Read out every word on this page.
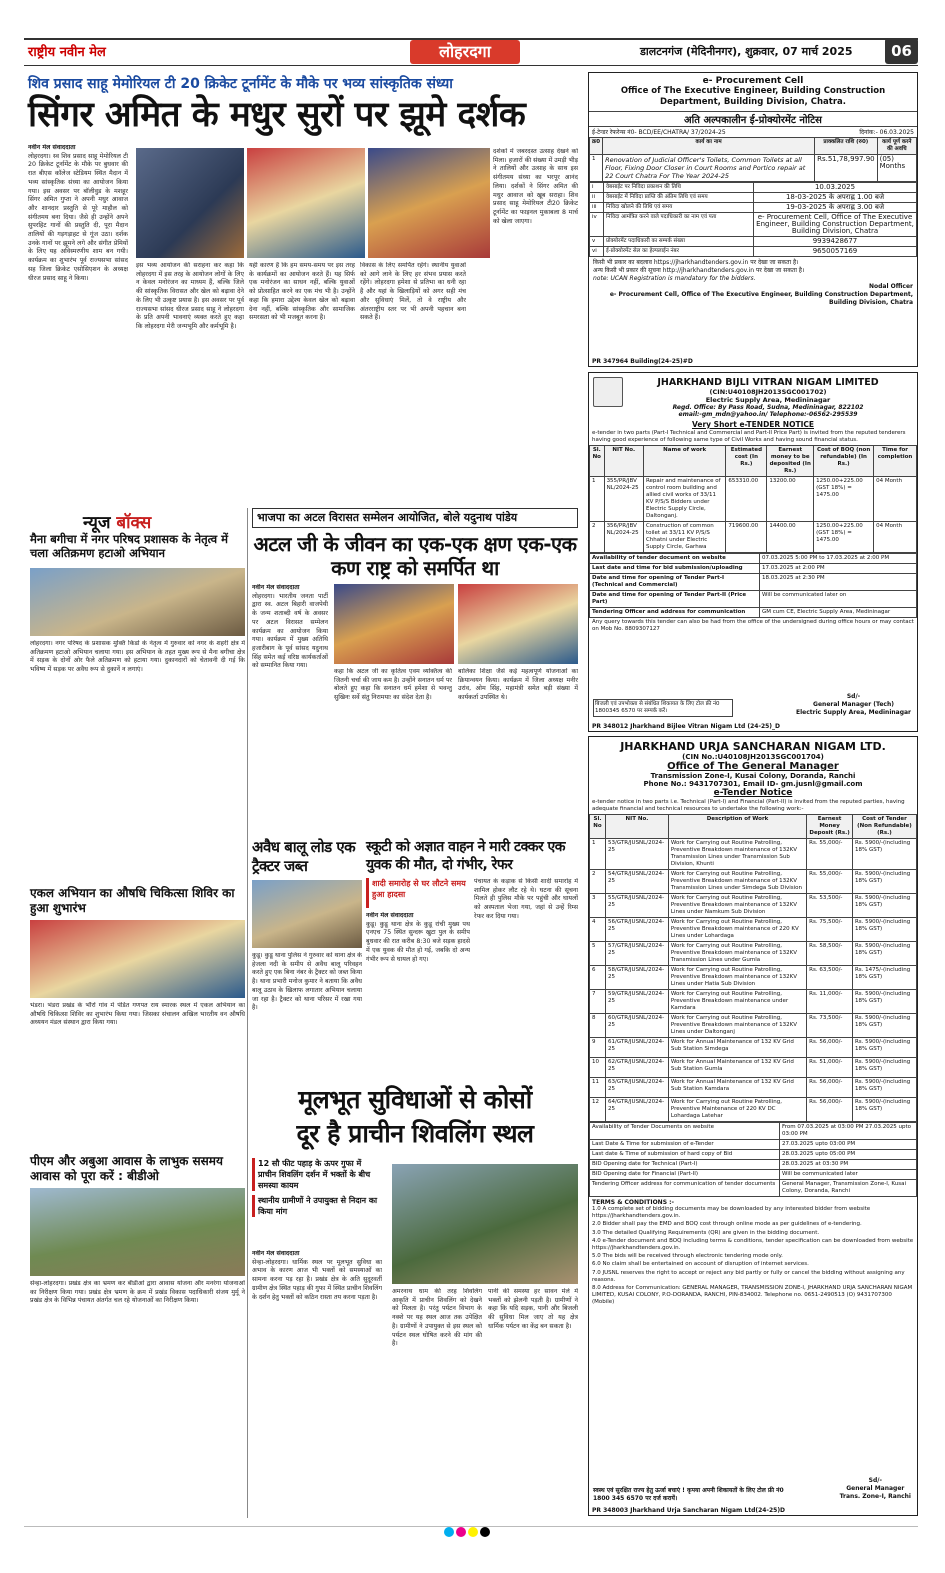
राष्ट्रीय नवीन मेल	लोहरदगा	डालटनगंज (मेदिनीनगर), शुक्रवार, 07 मार्च 2025	06
शिव प्रसाद साहू मेमोरियल टी 20 क्रिकेट टूर्नामेंट के मौके पर भव्य सांस्कृतिक संध्या
सिंगर अमित के मधुर सुरों पर झूमे दर्शक
नवीन मेल संवाददाता
लोहरदगा। स्व शिव प्रसाद साहू मेमोरियल टी 20 क्रिकेट टूर्नामेंट के मौके पर बुधवार की रात बीएस कॉलेज स्टेडियम स्थित मैदान में भव्य सांस्कृतिक संध्या का आयोजन किया गया। इस अवसर पर बॉलीवुड के मशहूर सिंगर अमित गुप्ता ने अपनी मधुर आवाज और शानदार प्रस्तुति से पूरे माहौल को संगीतमय बना दिया। जैसे ही उन्होंने अपने सुपरहिट गानों की प्रस्तुति दी, पूरा मैदान तालियों की गड़गड़ाहट से गूंज उठा। दर्शक उनके गानों पर झूमने लगे और संगीत प्रेमियों के लिए यह अविस्मरणीय शाम बन गयी। कार्यक्रम का शुभारंभ पूर्व राज्यसभा सांसद सह जिला क्रिकेट एसोसिएशन के अध्यक्ष धीरज प्रसाद साहू ने किया।
इस भव्य आयोजन की सराहना कर कहा कि लोहरदगा में इस तरह के आयोजन लोगों के लिए न केवल मनोरंजन का माध्यम हैं, बल्कि जिले की सांस्कृतिक विरासत और खेल को बढ़ावा देने के लिए भी उत्कृष्ट प्रयास है। इस अवसर पर पूर्व राज्यसभा सांसद धीरज प्रसाद साहू ने लोहरदगा के प्रति अपनी भावनाएं व्यक्त करते हुए कहा कि लोहरदगा मेरी जन्मभूमि और कर्मभूमि है।
यही कारण है कि हम समय-समय पर इस तरह के कार्यक्रमों का आयोजन करते हैं। यह सिर्फ एक मनोरंजन का साधन नहीं, बल्कि युवाओं को प्रोत्साहित करने का एक मंच भी है। उन्होंने कहा कि हमारा उद्देश्य केवल खेल को बढ़ावा देना नहीं, बल्कि सांस्कृतिक और सामाजिक समरसता को भी मजबूत करना है।
विकास के लिए समर्पित रहेंगे। स्थानीय युवाओं को आगे लाने के लिए हर संभव प्रयास करते रहेंगे। लोहरदगा हमेशा से प्रतिभा का धनी रहा है और यहां के खिलाड़ियों को अगर सही मंच और सुविधाएं मिलें, तो वे राष्ट्रीय और अंतरराष्ट्रीय स्तर पर भी अपनी पहचान बना सकते हैं।
दर्शकों में जबरदस्त उत्साह देखने को मिला। हजारों की संख्या में उमड़ी भीड़ ने तालियों और उत्साह के साथ इस संगीतमय संध्या का भरपूर आनंद लिया। दर्शकों ने सिंगर अमित की मधुर आवाज को खूब सराहा। शिव प्रसाद साहू मेमोरियल टी20 क्रिकेट टूर्नामेंट का फाइनल मुकाबला 8 मार्च को खेला जाएगा।
न्यूज बॉक्स
मैना बगीचा में नगर परिषद प्रशासक के नेतृत्व में चला अतिक्रमण हटाओ अभियान
लोहरदगा। नगर परिषद के प्रशासक मुक्ति किंडो के नेतृत्व में गुरुवार को नगर के शहरी क्षेत्र में अतिक्रमण हटाओ अभियान चलाया गया। इस अभियान के तहत मुख्य रूप से मैना बगीचा क्षेत्र में सड़क के दोनों ओर फैले अतिक्रमण को हटाया गया। दुकानदारों को चेतावनी दी गई कि भविष्य में सड़क पर अवैध रूप से दुकानें न लगाएं।
एकल अभियान का औषधि चिकित्सा शिविर का हुआ शुभारंभ
भंडरा। भंडरा प्रखंड के भौंरों गांव में पंडित गणपत राय स्मारक स्थल में एकल अभियान का औषधि चिकित्सा शिविर का शुभारंभ किया गया। जिसका संचालन अखिल भारतीय वन औषधि अध्ययन मंडल संस्थान द्वारा किया गया।
पीएम और अबुआ आवास के लाभुक ससमय आवास को पूरा करें : बीडीओ
सेन्हा-लोहरदगा। प्रखंड क्षेत्र का भ्रमण कर बीडीओ द्वारा आवास योजना और मनरेगा योजनाओं का निरीक्षण किया गया। प्रखंड क्षेत्र भ्रमण के क्रम में प्रखंड विकास पदाधिकारी संजय मुर्मू ने प्रखंड क्षेत्र के विभिन्न पंचायत अंतर्गत चल रहे योजनाओं का निरीक्षण किया।
भाजपा का अटल विरासत सम्मेलन आयोजित, बोले यदुनाथ पांडेय
अटल जी के जीवन का एक-एक क्षण एक-एक कण राष्ट्र को समर्पित था
नवीन मेल संवाददाता
लोहरदगा। भारतीय जनता पार्टी द्वारा स्व. अटल बिहारी वाजपेयी के जन्म शताब्दी वर्ष के अवसर पर अटल विरासत सम्मेलन कार्यक्रम का आयोजन किया गया। कार्यक्रम में मुख्य अतिथि हजारीबाग के पूर्व सांसद यदुनाथ सिंह समेत कई वरिष्ठ कार्यकर्ताओं को सम्मानित किया गया।
कहा कि अटल जी का कृतित्व एवम व्यक्तित्व की जितनी चर्चा की जाय कम है। उन्होंने सनातन धर्म पर बोलते हुए कहा कि सनातन धर्म हमेशा से भवन्तु सुखिनः सर्वे संतु निरामयाः का संदेश देता है।
बालिका शिक्षा जैसे कई महत्वपूर्ण योजनाओं का क्रियान्वयन किया। कार्यक्रम में जिला अध्यक्ष मनीर उरांव, ओम सिंह, महामंत्री समेत बड़ी संख्या में कार्यकर्ता उपस्थित थे।
अवैध बालू लोड एक ट्रैक्टर जब्त
कुडू। कुडू थाना पुलिस ने गुरुवार को थाना क्षेत्र के हेजला नदी के समीप से अवैध बालू परिवहन करते हुए एक बिना नंबर के ट्रैक्टर को जब्त किया है। थाना प्रभारी मनोज कुमार ने बताया कि अवैध बालू उठाव के खिलाफ लगातार अभियान चलाया जा रहा है। ट्रैक्टर को थाना परिसर में रखा गया है।
स्कूटी को अज्ञात वाहन ने मारी टक्कर एक युवक की मौत, दो गंभीर, रेफर
शादी समारोह से घर लौटने समय हुआ हादसा
नवीन मेल संवाददाता
कुडू। कुडू थाना क्षेत्र के कुडू रांची मुख्य पथ एनएच 75 स्थित सुन्दरू खुटा पुल के समीप बुधवार की रात करीब 8:30 बजे सड़क हादसे में एक युवक की मौत हो गई, जबकि दो अन्य गंभीर रूप से घायल हो गए।
पंचायत के कड़ाक से किसी शादी समारोह में शामिल होकर लौट रहे थे। घटना की सूचना मिलते ही पुलिस मौके पर पहुंची और घायलों को अस्पताल भेजा गया, जहां से उन्हें रिम्स रेफर कर दिया गया।
मूलभूत सुविधाओं से कोसों
दूर है प्राचीन शिवलिंग स्थल
12 सौ फीट पहाड़ के ऊपर गुफा में प्राचीन शिवलिंग दर्शन में भक्तों के बीच समस्या कायम
स्थानीय ग्रामीणों ने उपायुक्त से निदान का किया मांग
नवीन मेल संवाददाता
सेन्हा-लोहरदगा। धार्मिक स्थल पर मूलभूत सुविधा का अभाव के कारण आज भी भक्तों को समस्याओं का सामना करना पड़ रहा है। प्रखंड क्षेत्र के अति सुदूरवर्ती ग्रामीण क्षेत्र स्थित पहाड़ की गुफा में स्थित प्राचीन शिवलिंग के दर्शन हेतु भक्तों को कठिन रास्ता तय करना पड़ता है।
अमरनाथ धाम की तरह शिवलिंग आकृति में प्राचीन शिवलिंग को देखने को मिलता है। परंतु पर्यटन विभाग के नक्शे पर यह स्थल आज तक उपेक्षित है। ग्रामीणों ने उपायुक्त से इस स्थल को पर्यटन स्थल घोषित करने की मांग की है।
पानी की समस्या हर सावन मेले में भक्तों को झेलनी पड़ती है। ग्रामीणों ने कहा कि यदि सड़क, पानी और बिजली की सुविधा मिल जाए तो यह क्षेत्र धार्मिक पर्यटन का केंद्र बन सकता है।
e- Procurement Cell
Office of The Executive Engineer, Building Construction Department, Building Division, Chatra.
अति अल्पकालीन ई-प्रोक्योरमेंट नोटिस
ई-टेन्डर रेफरेन्स नं0- BCD/EE/CHATRA/ 37/2024-25	दिनांक:- 06.03.2025
क्र0	कार्य का नाम	प्राक्कलित राशि (रु0)	कार्य पूर्ण करने की अवधि
1	Renovation of Judicial Officer's Toilets, Common Toilets at all Floor, Fixing Door Closer in Court Rooms and Portico repair at 22 Court Chatra For The Year 2024-25	Rs.51,78,997.90	(05) Months
i	वेबसाईट पर निविदा प्रकाशन की तिथि	10.03.2025
ii	वेबसाईट में निविदा प्राप्ति की अंतिम तिथि एवं समय	18-03-2025 के अपराह्न 1.00 बजे
iii	निविदा खोलने की तिथि एवं समय	19-03-2025 के अपराह्न 3.00 बजे
iv	निविदा आमंत्रित करने वाले पदाधिकारी का नाम एवं पता	e- Procurement Cell, Office of The Executive Engineer, Building Construction Department, Building Division, Chatra
v	प्रोक्योरमेंट पदाधिकारी का सम्पर्क संख्या	9939428677
vi	ई-प्रोक्योरमेंट सेल का हेल्पलाईन नंबर	9650057169
किसी भी प्रकार का बदलाव https://jharkhandtenders.gov.in पर देखा जा सकता है।
अन्य किसी भी प्रकार की सूचना http://jharkhandtenders.gov.in पर देखा जा सकता है।
note: UCAN Registration is mandatory for the bidders.
Nodal Officer
e- Procurement Cell, Office of The Executive Engineer, Building Construction Department, Building Division, Chatra
PR 347964 Building(24-25)#D
JHARKHAND BIJLI VITRAN NIGAM LIMITED
(CIN:U40108JH2013SGC001702)
Electric Supply Area, Medininagar
Regd. Office: By Pass Road, Sudna, Medininagar, 822102
email:-gm_mdn@yahoo.in/ Telephone:-06562-295539
Very Short e-TENDER NOTICE
e-tender in two parts (Part-I Technical and Commercial and Part-II Price Part) is invited from the reputed tenderers having good experience of following same type of Civil Works and having sound financial status.
Sl. No	NIT No.	Name of work	Estimated cost (In Rs.)	Earnest money to be deposited (In Rs.)	Cost of BOQ (non refundable) (In Rs.)	Time for completion
1	355/PR/JBV NL/2024-25	Repair and maintenance of control room building and allied civil works of 33/11 KV P/S/S Bidders under Electric Supply Circle, Daltonganj.	653310.00	13200.00	1250.00+225.00 (GST 18%) = 1475.00	04 Month
2	356/PR/JBV NL/2024-25	Construction of common toilet at 33/11 KV P/S/S Chhatni under Electric Supply Circle, Garhwa	719600.00	14400.00	1250.00+225.00 (GST 18%) = 1475.00	04 Month
Availability of tender document on website	07.03.2025 5:00 PM to 17.03.2025 at 2:00 PM
Last date and time for bid submission/uploading	17.03.2025 at 2:00 PM
Date and time for opening of Tender Part-I (Technical and Commercial)	18.03.2025 at 2:30 PM
Date and time for opening of Tender Part-II (Price Part)	Will be communicated later on
Tendering Officer and address for communication	GM cum CE, Electric Supply Area, Medininagar
Any query towards this tender can also be had from the office of the undersigned during office hours or may contact on Mob No. 8809307127
Sd/-
General Manager (Tech)
Electric Supply Area, Medininagar
बिजली एवं उपभोक्ता से संबंधित शिकायत के लिए टोल फ्री नं0 1800345 6570 पर सम्पर्क करें।
PR 348012 Jharkhand Bijlee Vitran Nigam Ltd (24-25)_D
JHARKHAND URJA SANCHARAN NIGAM LTD.
(CIN No.:U40108JH2013SGC001704)
Office of The General Manager
Transmission Zone-I, Kusai Colony, Doranda, Ranchi
Phone No.: 9431707301, Email ID- gm.jusnl@gmail.com
e-Tender Notice
e-tender notice in two parts i.e. Technical (Part-I) and Financial (Part-II) is invited from the reputed parties, having adequate financial and technical resources to undertake the following work:-
Sl. No	NIT No.	Description of Work	Earnest Money Deposit (Rs.)	Cost of Tender (Non Refundable) (Rs.)
1	53/GTR/JUSNL/2024-25	Work for Carrying out Routine Patrolling, Preventive Breakdown maintenance of 132KV Transmission Lines under Transmission Sub Division, Khunti	Rs. 55,000/-	Rs. 5900/-(including 18% GST)
2	54/GTR/JUSNL/2024-25	Work for Carrying out Routine Patrolling, Preventive Breakdown maintenance of 132KV Transmission Lines under Simdega Sub Division	Rs. 55,000/-	Rs. 5900/-(including 18% GST)
3	55/GTR/JUSNL/2024-25	Work for Carrying out Routine Patrolling, Preventive Breakdown maintenance of 132KV Lines under Namkum Sub Division	Rs. 53,500/-	Rs. 5900/-(including 18% GST)
4	56/GTR/JUSNL/2024-25	Work for Carrying out Routine Patrolling, Preventive Breakdown maintenance of 220 KV Lines under Lohardaga	Rs. 75,500/-	Rs. 5900/-(including 18% GST)
5	57/GTR/JUSNL/2024-25	Work for Carrying out Routine Patrolling, Preventive Breakdown maintenance of 132KV Transmission Lines under Gumla	Rs. 58,500/-	Rs. 5900/-(including 18% GST)
6	58/GTR/JUSNL/2024-25	Work for Carrying out Routine Patrolling, Preventive Breakdown maintenance of 132KV Lines under Hatia Sub Division	Rs. 63,500/-	Rs. 1475/-(including 18% GST)
7	59/GTR/JUSNL/2024-25	Work for Carrying out Routine Patrolling, Preventive Breakdown maintenance under Kamdara	Rs. 11,000/-	Rs. 5900/-(including 18% GST)
8	60/GTR/JUSNL/2024-25	Work for Carrying out Routine Patrolling, Preventive Breakdown maintenance of 132KV Lines under Daltonganj	Rs. 73,500/-	Rs. 5900/-(including 18% GST)
9	61/GTR/JUSNL/2024-25	Work for Annual Maintenance of 132 KV Grid Sub Station Simdega	Rs. 56,000/-	Rs. 5900/-(including 18% GST)
10	62/GTR/JUSNL/2024-25	Work for Annual Maintenance of 132 KV Grid Sub Station Gumla	Rs. 51,000/-	Rs. 5900/-(including 18% GST)
11	63/GTR/JUSNL/2024-25	Work for Annual Maintenance of 132 KV Grid Sub Station Kamdara	Rs. 56,000/-	Rs. 5900/-(including 18% GST)
12	64/GTR/JUSNL/2024-25	Work for Carrying out Routine Patrolling, Preventive Maintenance of 220 KV DC Lohardaga Latehar	Rs. 56,000/-	Rs. 5900/-(including 18% GST)
Availability of Tender Documents on website	From 07.03.2025 at 03:00 PM 27.03.2025 upto 03:00 PM
Last Date & Time for submission of e-Tender	27.03.2025 upto 03:00 PM
Last date & Time of submission of hard copy of Bid	28.03.2025 upto 05:00 PM
BID Opening date for Technical (Part-I)	28.03.2025 at 03:30 PM
BID Opening date for Financial (Part-II)	Will be communicated later
Tendering Officer address for communication of tender documents	General Manager, Transmission Zone-I, Kusai Colony, Doranda, Ranchi
TERMS & CONDITIONS :-
1.0 A complete set of bidding documents may be downloaded by any interested bidder from website https://jharkhandtenders.gov.in.
2.0 Bidder shall pay the EMD and BOQ cost through online mode as per guidelines of e-tendering.
3.0 The detailed Qualifying Requirements (QR) are given in the bidding document.
4.0 e-Tender document and BOQ including terms & conditions, tender specification can be downloaded from website https://jharkhandtenders.gov.in.
5.0 The bids will be received through electronic tendering mode only.
6.0 No claim shall be entertained on account of disruption of internet services.
7.0 JUSNL reserves the right to accept or reject any bid partly or fully or cancel the bidding without assigning any reasons.
8.0 Address for Communication: GENERAL MANAGER, TRANSMISSION ZONE-I, JHARKHAND URJA SANCHARAN NIGAM LIMITED, KUSAI COLONY, P.O-DORANDA, RANCHI, PIN-834002. Telephone no. 0651-2490513 (O) 9431707300 (Mobile)
Sd/-
General Manager
Trans. Zone-I, Ranchi
स्वस्थ एवं सुरक्षित राज्य हेतु ऊर्जा बचाएं ! कृपया अपनी शिकायतों के लिए टोल फ्री नं0 1800 345 6570 पर दर्ज करायें।
PR 348003 Jharkhand Urja Sancharan Nigam Ltd(24-25)D
